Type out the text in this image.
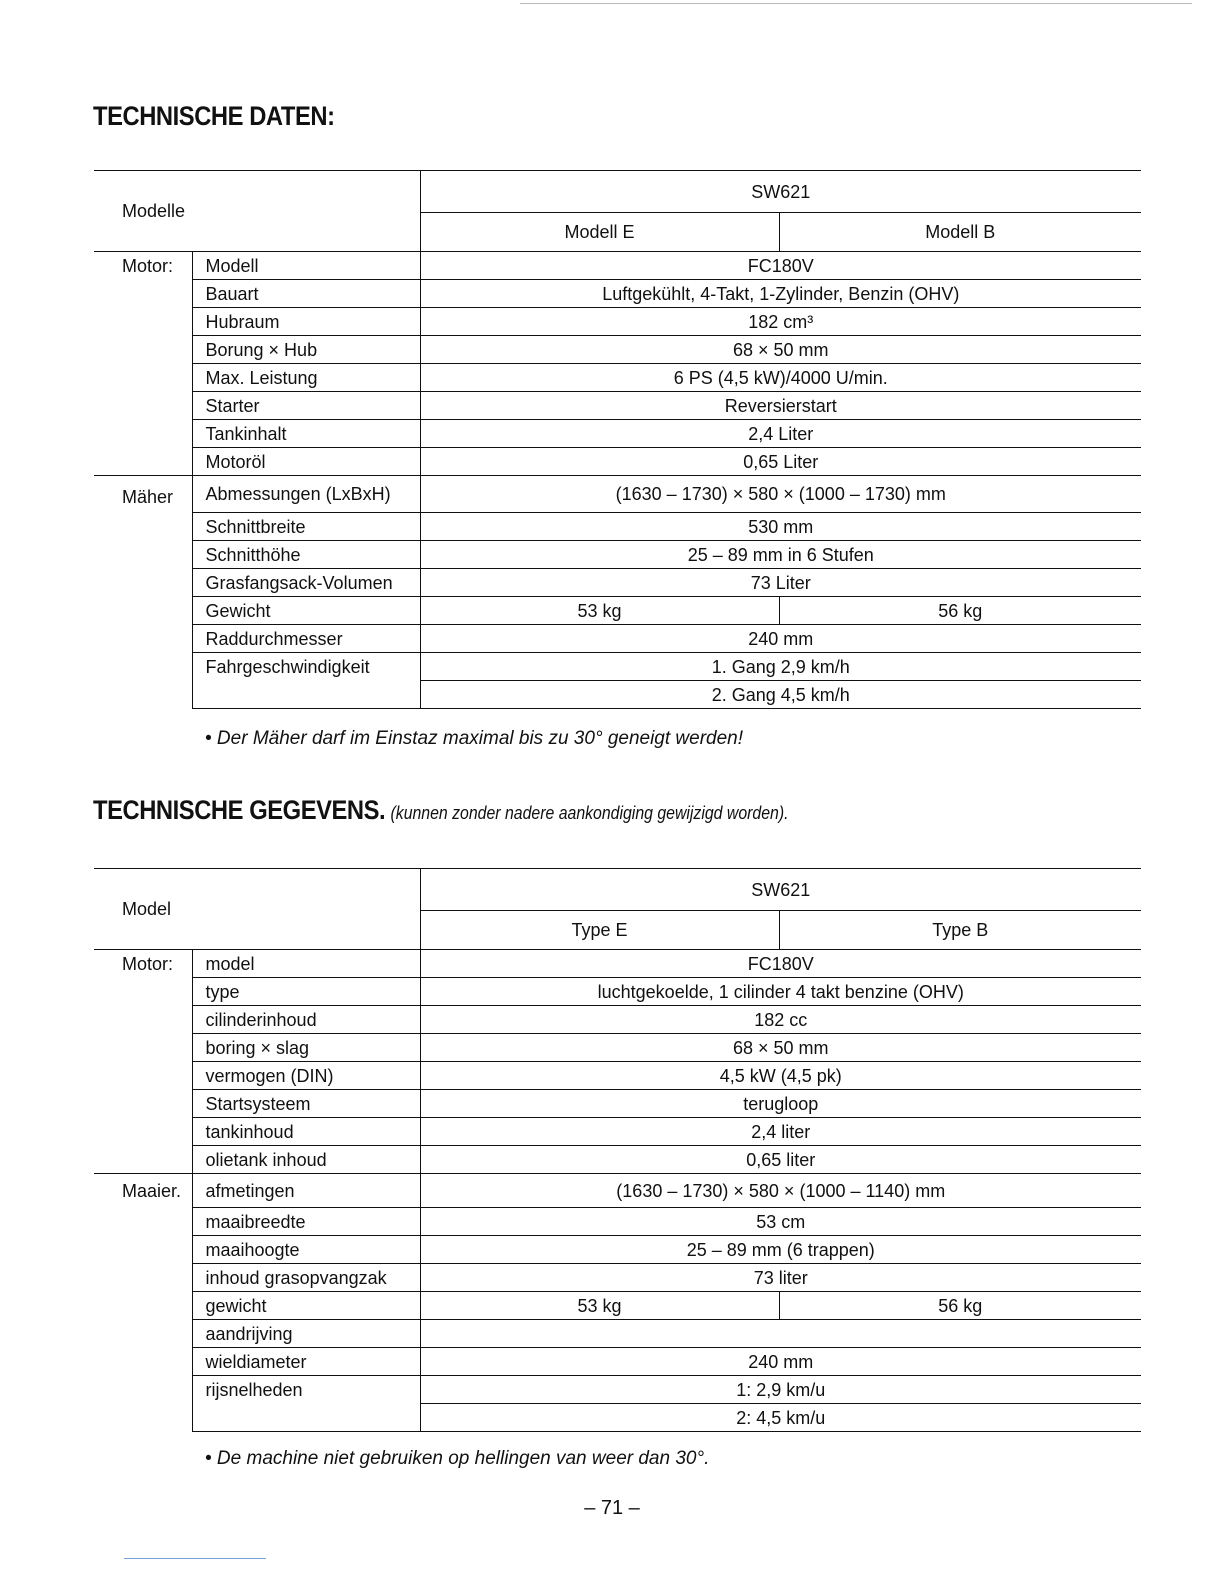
TECHNISCHE DATEN:
Modelle		SW621	
		Modell E	Modell B
Motor:	Modell	FC180V	
	Bauart	Luftgekühlt, 4-Takt, 1-Zylinder, Benzin (OHV)	
	Hubraum	182 cm³	
	Borung × Hub	68 × 50 mm	
	Max. Leistung	6 PS (4,5 kW)/4000 U/min.	
	Starter	Reversierstart	
	Tankinhalt	2,4 Liter	
	Motoröl	0,65 Liter	
Mäher	Abmessungen (LxBxH)	(1630 – 1730) × 580 × (1000 – 1730) mm	
	Schnittbreite	530 mm	
	Schnitthöhe	25 – 89 mm in 6 Stufen	
	Grasfangsack-Volumen	73 Liter	
	Gewicht	53 kg	56 kg
	Raddurchmesser	240 mm	
	Fahrgeschwindigkeit	1. Gang 2,9 km/h	
		2. Gang 4,5 km/h	

• Der Mäher darf im Einstaz maximal bis zu 30° geneigt werden!

TECHNISCHE GEGEVENS. (kunnen zonder nadere aankondiging gewijzigd worden).
Model		SW621	
		Type E	Type B
Motor:	model	FC180V	
	type	luchtgekoelde, 1 cilinder 4 takt benzine (OHV)	
	cilinderinhoud	182 cc	
	boring × slag	68 × 50 mm	
	vermogen (DIN)	4,5 kW (4,5 pk)	
	Startsysteem	terugloop	
	tankinhoud	2,4 liter	
	olietank inhoud	0,65 liter	
Maaier.	afmetingen	(1630 – 1730) × 580 × (1000 – 1140) mm	
	maaibreedte	53 cm	
	maaihoogte	25 – 89 mm (6 trappen)	
	inhoud grasopvangzak	73 liter	
	gewicht	53 kg	56 kg
	aandrijving		
	wieldiameter	240 mm	
	rijsnelheden	1: 2,9 km/u	
		2: 4,5 km/u	

• De machine niet gebruiken op hellingen van weer dan 30°.

– 71 –
